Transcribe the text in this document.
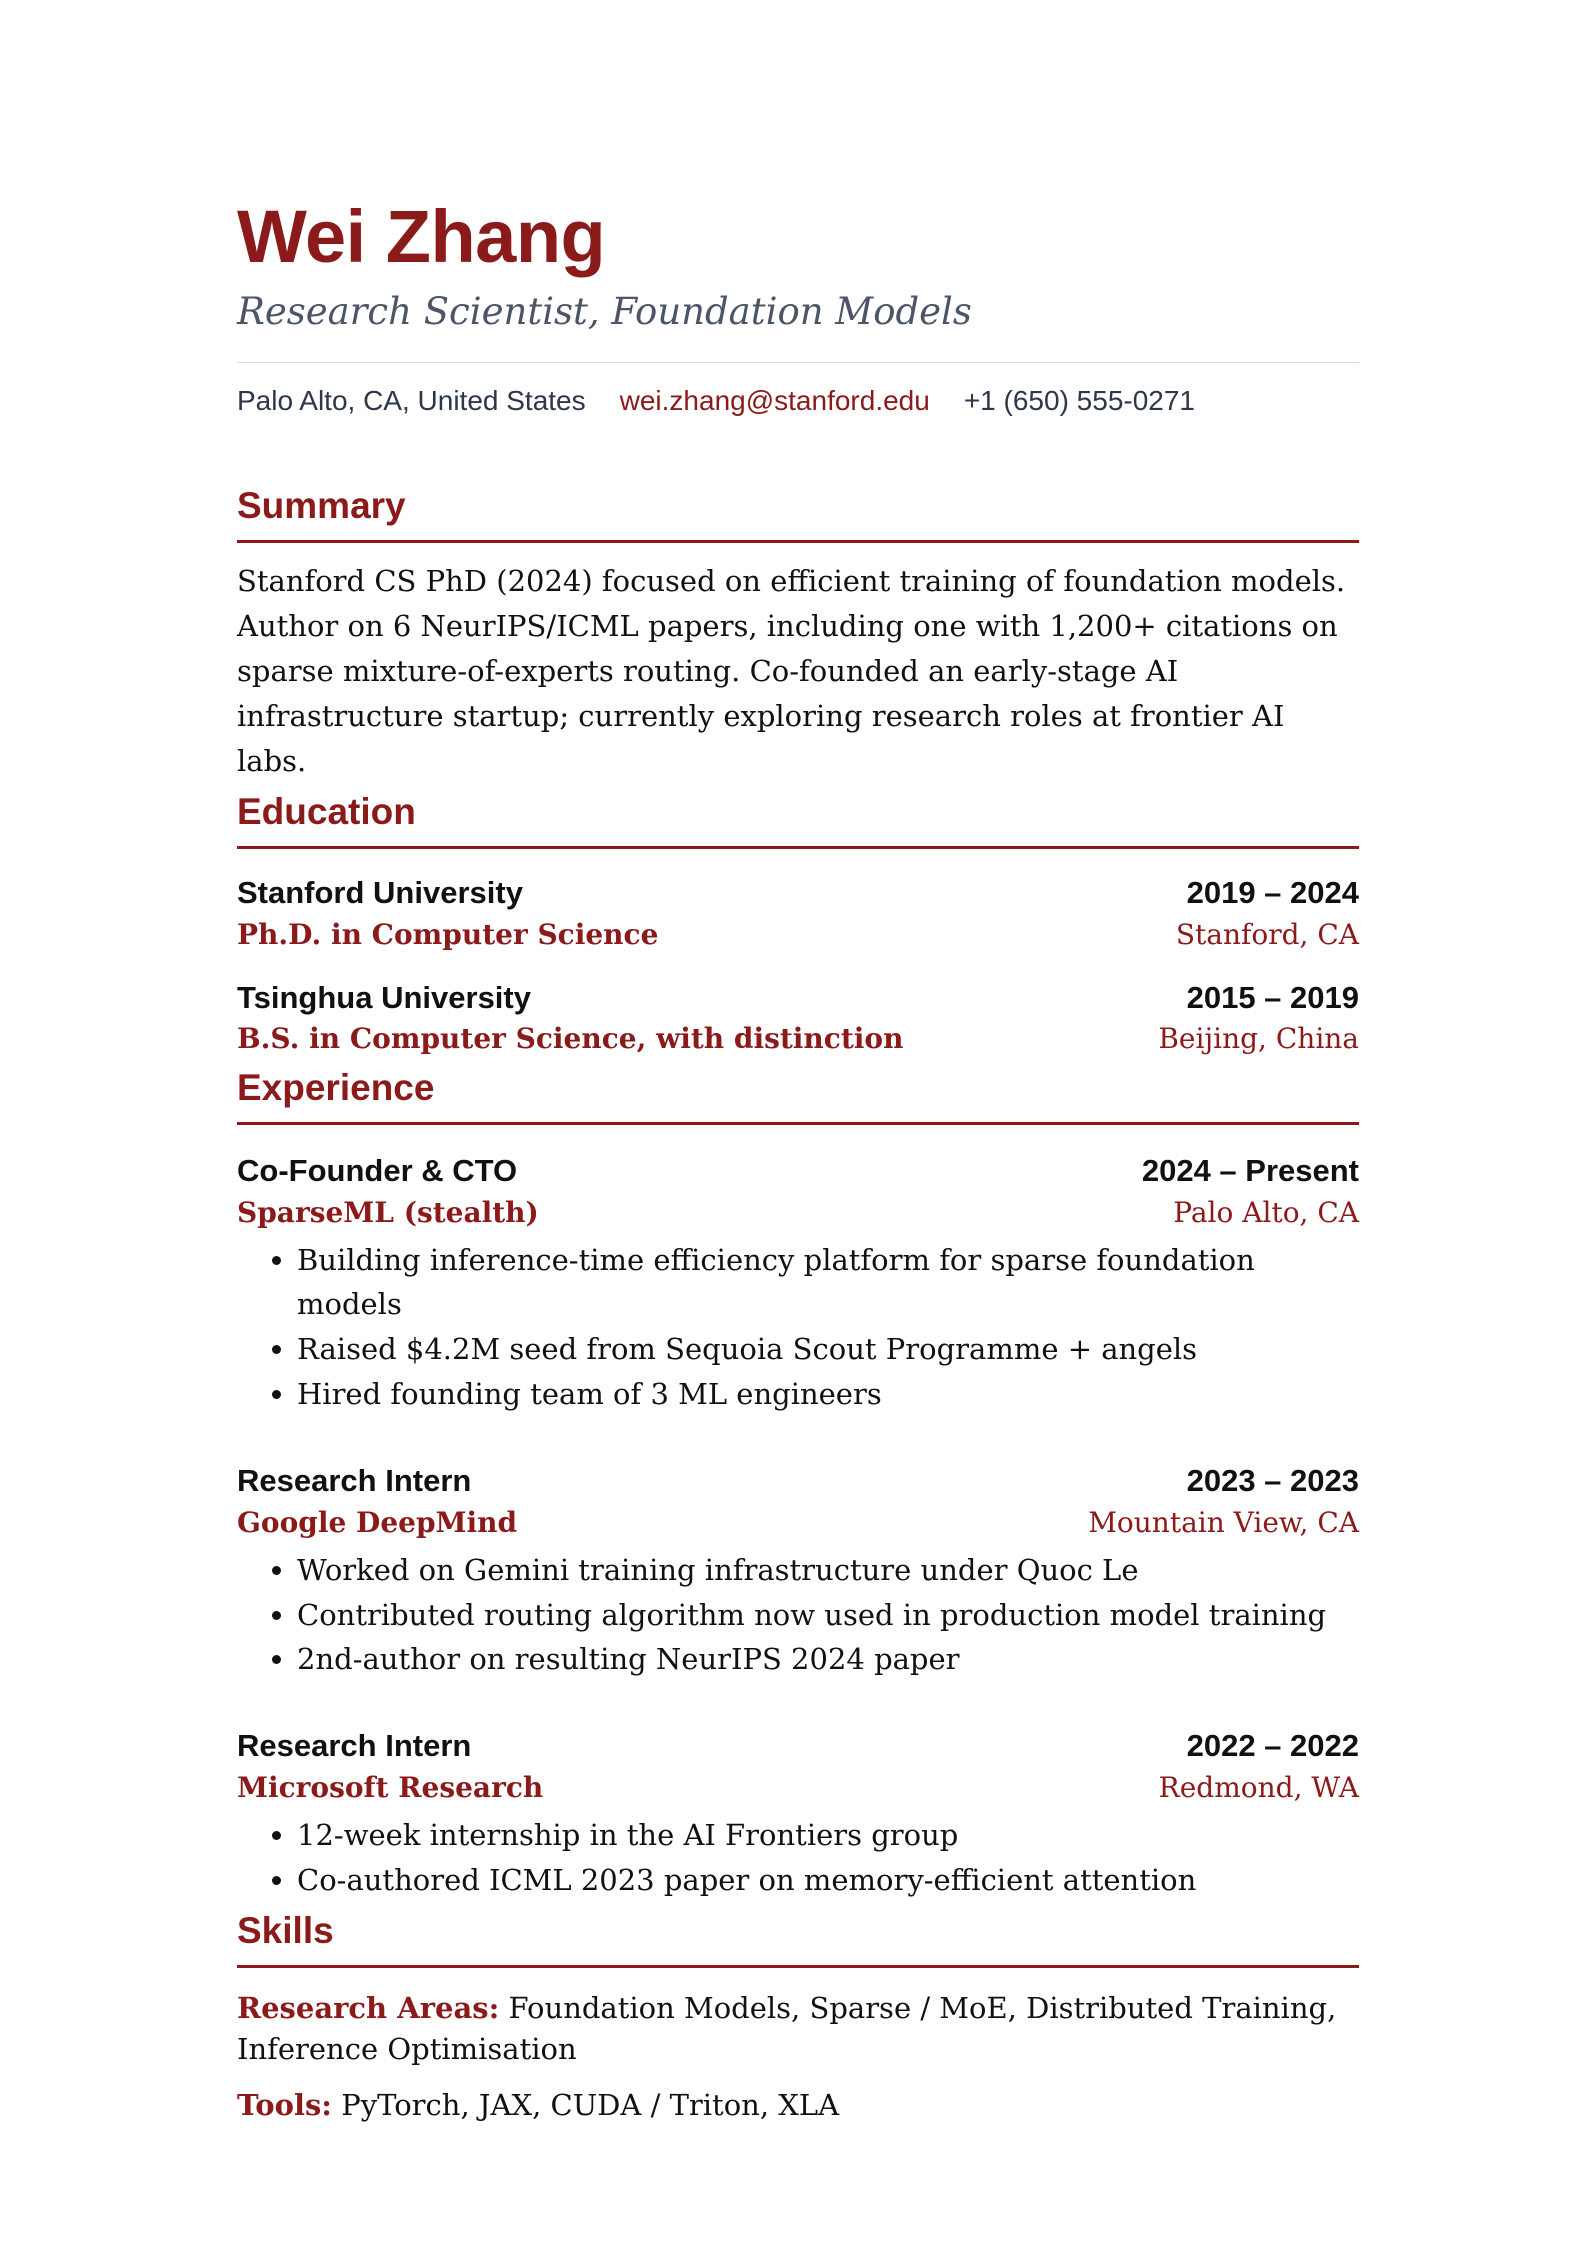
Wei Zhang
Research Scientist, Foundation Models
Palo Alto, CA, United States wei.zhang@stanford.edu +1 (650) 555-0271
Summary
Stanford CS PhD (2024) focused on efficient training of foundation models. Author on 6 NeurIPS/ICML papers, including one with 1,200+ citations on sparse mixture-of-experts routing. Co-founded an early-stage AI infrastructure startup; currently exploring research roles at frontier AI labs.
Education
Stanford University	2019 – 2024
Ph.D. in Computer Science	Stanford, CA
Tsinghua University	2015 – 2019
B.S. in Computer Science, with distinction	Beijing, China
Experience
Co-Founder & CTO	2024 – Present
SparseML (stealth)	Palo Alto, CA
• Building inference-time efficiency platform for sparse foundation models
• Raised $4.2M seed from Sequoia Scout Programme + angels
• Hired founding team of 3 ML engineers
Research Intern	2023 – 2023
Google DeepMind	Mountain View, CA
• Worked on Gemini training infrastructure under Quoc Le
• Contributed routing algorithm now used in production model training
• 2nd-author on resulting NeurIPS 2024 paper
Research Intern	2022 – 2022
Microsoft Research	Redmond, WA
• 12-week internship in the AI Frontiers group
• Co-authored ICML 2023 paper on memory-efficient attention
Skills
Research Areas: Foundation Models, Sparse / MoE, Distributed Training, Inference Optimisation
Tools: PyTorch, JAX, CUDA / Triton, XLA
